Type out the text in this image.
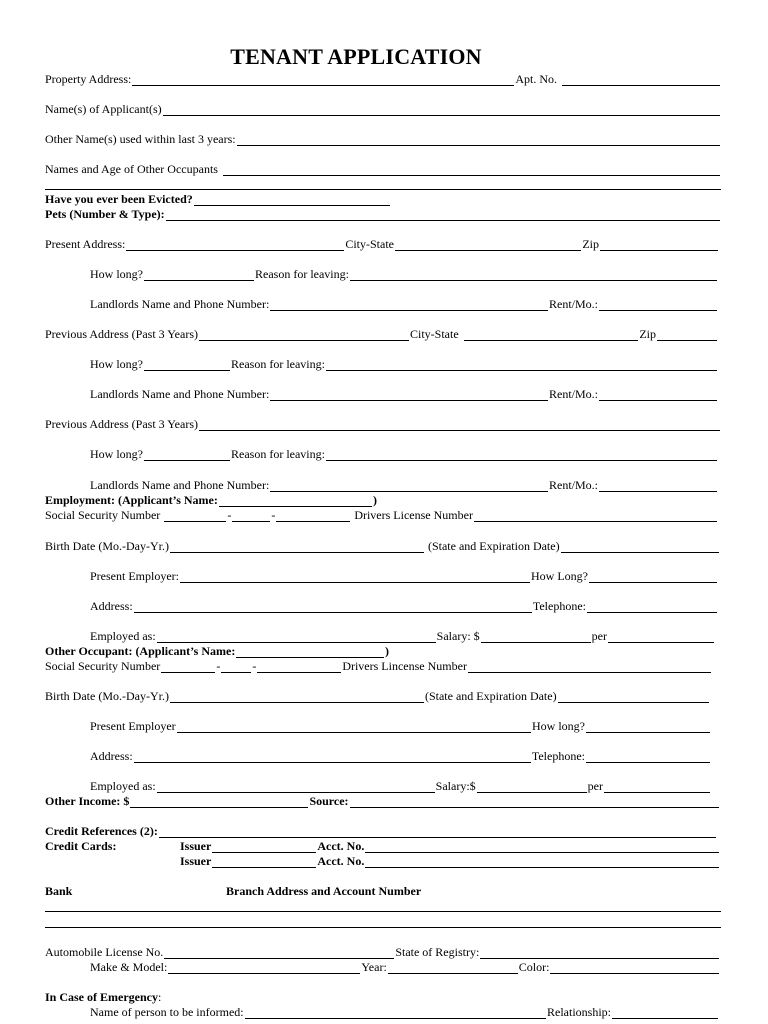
TENANT APPLICATION
Property Address:	Apt. No.
Name(s) of Applicant(s)
Other Name(s) used within last 3 years:
Names and Age of Other Occupants
Have you ever been Evicted?
Pets (Number & Type):
Present Address:	City-State	Zip
How long?	Reason for leaving:
Landlords Name and Phone Number:	Rent/Mo.:
Previous Address (Past 3 Years)	City-State	Zip
How long?	Reason for leaving:
Landlords Name and Phone Number:	Rent/Mo.:
Previous Address (Past 3 Years)
How long?	Reason for leaving:
Landlords Name and Phone Number:	Rent/Mo.:
Employment: (Applicant’s Name:	)
Social Security Number	-	-	Drivers License Number
Birth Date (Mo.-Day-Yr.)	(State and Expiration Date)
Present Employer:	How Long?
Address:	Telephone:
Employed as:	Salary: $	per
Other Occupant: (Applicant’s Name:	)
Social Security Number	-	-	Drivers Lincense Number
Birth Date (Mo.-Day-Yr.)	(State and Expiration Date)
Present Employer	How long?
Address:	Telephone:
Employed as:	Salary:$	per
Other Income: $	Source:
Credit References (2):
Credit Cards:	Issuer	Acct. No.
Issuer	Acct. No.
Bank	Branch Address and Account Number
Automobile License No.	State of Registry:
Make & Model:	Year:	Color:
In Case of Emergency :
Name of person to be informed:	Relationship:
